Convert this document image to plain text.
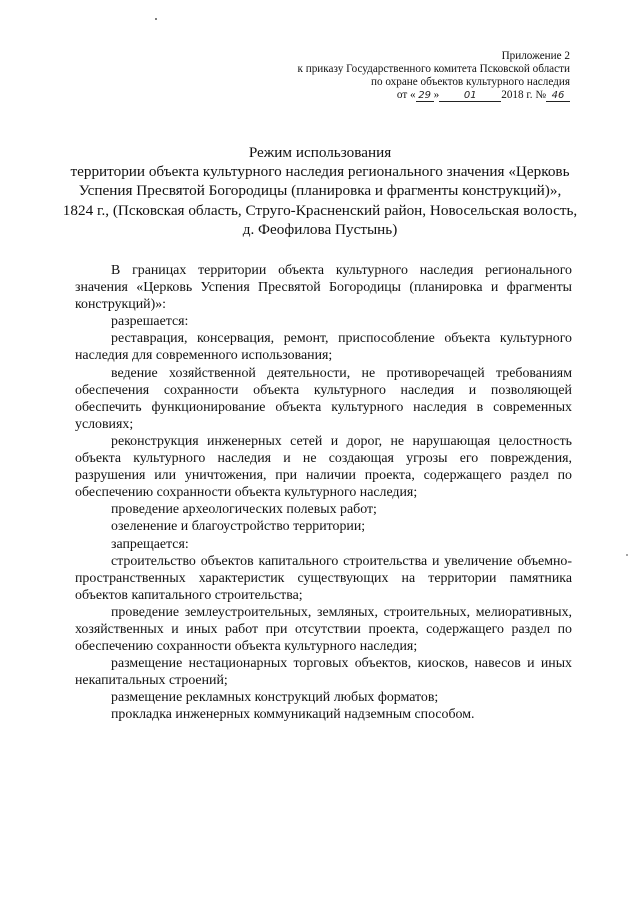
Приложение 2
к приказу Государственного комитета Псковской области
по охране объектов культурного наследия
от « 29 » 01 2018 г. № 46
Режим использования
территории объекта культурного наследия регионального значения «Церковь
Успения Пресвятой Богородицы (планировка и фрагменты конструкций)»,
1824 г., (Псковская область, Струго-Красненский район, Новосельская волость,
д. Феофилова Пустынь)

В границах территории объекта культурного наследия регионального значения «Церковь Успения Пресвятой Богородицы (планировка и фрагменты конструкций)»:

разрешается:

реставрация, консервация, ремонт, приспособление объекта культурного наследия для современного использования;

ведение хозяйственной деятельности, не противоречащей требованиям обеспечения сохранности объекта культурного наследия и позволяющей обеспечить функционирование объекта культурного наследия в современных условиях;

реконструкция инженерных сетей и дорог, не нарушающая целостность объекта культурного наследия и не создающая угрозы его повреждения, разрушения или уничтожения, при наличии проекта, содержащего раздел по обеспечению сохранности объекта культурного наследия;

проведение археологических полевых работ;

озеленение и благоустройство территории;

запрещается:

строительство объектов капитального строительства и увеличение объемно-пространственных характеристик существующих на территории памятника объектов капитального строительства;

проведение землеустроительных, земляных, строительных, мелиоративных, хозяйственных и иных работ при отсутствии проекта, содержащего раздел по обеспечению сохранности объекта культурного наследия;

размещение нестационарных торговых объектов, киосков, навесов и иных некапитальных строений;

размещение рекламных конструкций любых форматов;

прокладка инженерных коммуникаций надземным способом.
